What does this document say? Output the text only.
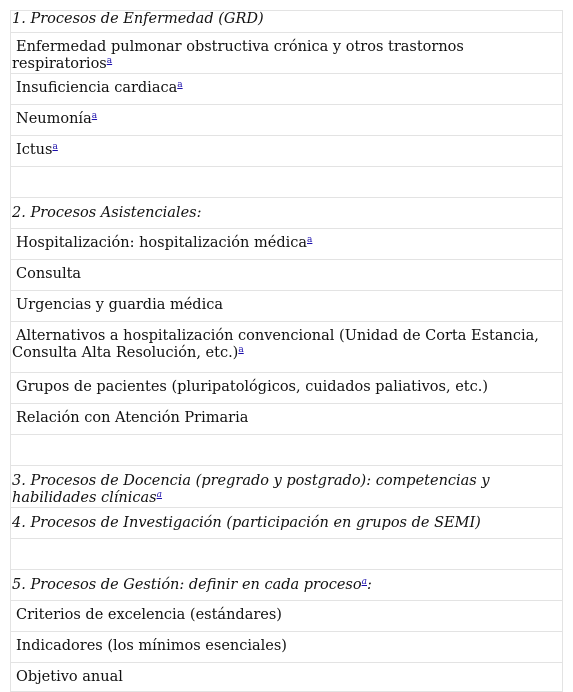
1. Procesos de Enfermedad (GRD)
Enfermedad pulmonar obstructiva crónica y otros trastornos respiratorios$^a$
Insuficiencia cardiaca$^a$
Neumonía$^a$
Ictus$^a$

2. Procesos Asistenciales:
Hospitalización: hospitalización médica$^a$
Consulta
Urgencias y guardia médica
Alternativos a hospitalización convencional (Unidad de Corta Estancia, Consulta Alta Resolución, etc.)$^a$
Grupos de pacientes (pluripatológicos, cuidados paliativos, etc.)
Relación con Atención Primaria

3. Procesos de Docencia (pregrado y postgrado): competencias y habilidades clínicas$^a$
4. Procesos de Investigación (participación en grupos de SEMI)

5. Procesos de Gestión: definir en cada proceso$^a$:
Criterios de excelencia (estándares)
Indicadores (los mínimos esenciales)
Objetivo anual
